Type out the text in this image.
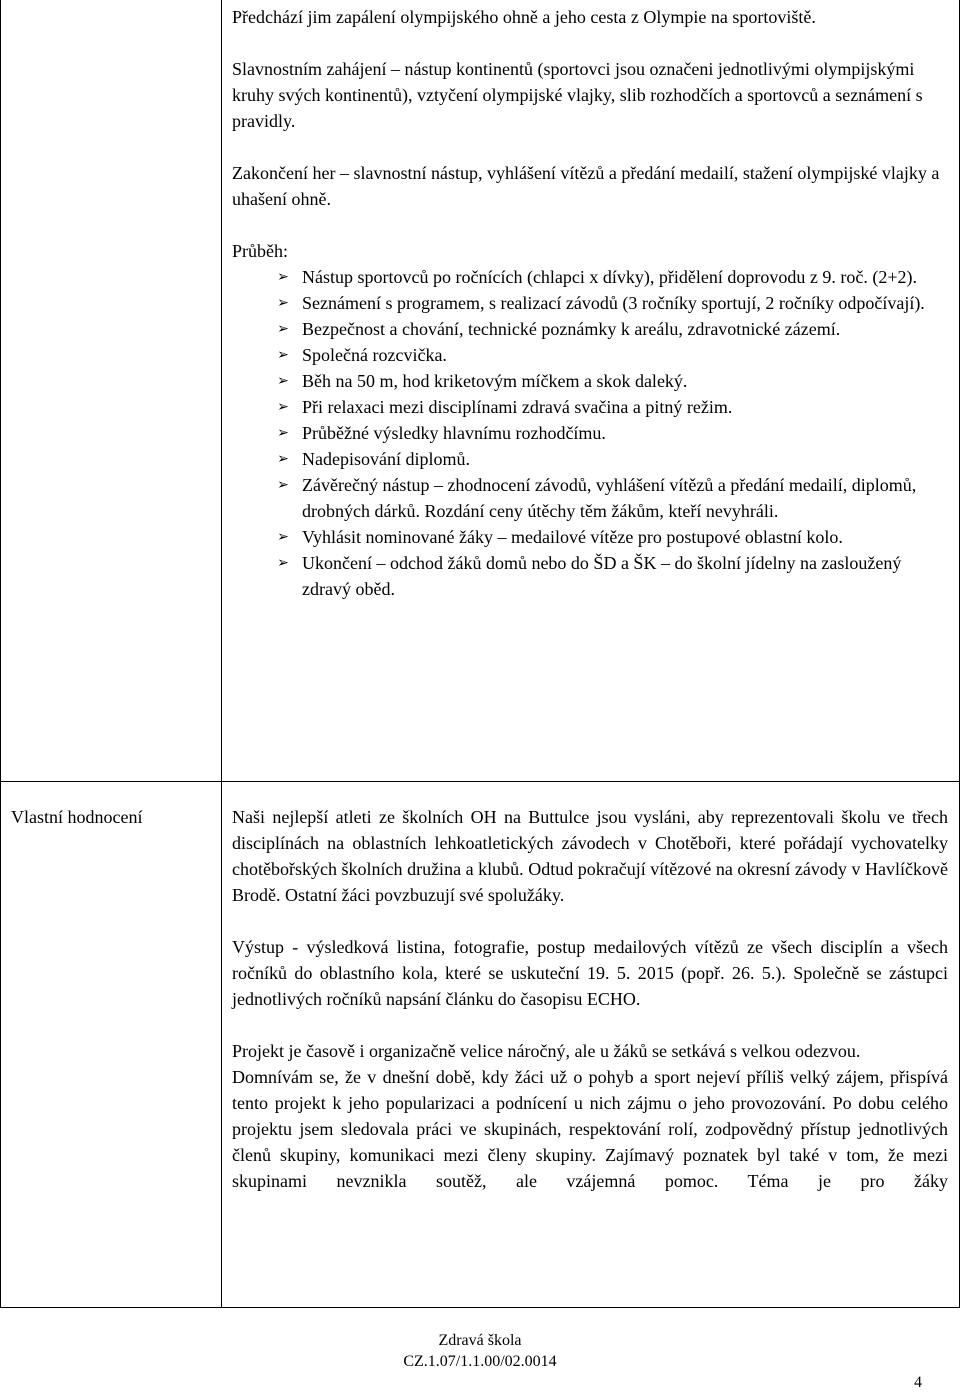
Předchází jim zapálení olympijského ohně a jeho cesta z Olympie na sportoviště.

Slavnostním zahájení – nástup kontinentů (sportovci jsou označeni jednotlivými olympijskými kruhy svých kontinentů), vztyčení olympijské vlajky, slib rozhodčích a sportovců a seznámení s pravidly.

Zakončení her – slavnostní nástup, vyhlášení vítězů a předání medailí, stažení olympijské vlajky a uhašení ohně.

Průběh:
➢ Nástup sportovců po ročnících (chlapci x dívky), přidělení doprovodu z 9. roč. (2+2).
➢ Seznámení s programem, s realizací závodů (3 ročníky sportují, 2 ročníky odpočívají).
➢ Bezpečnost a chování, technické poznámky k areálu, zdravotnické zázemí.
➢ Společná rozcvička.
➢ Běh na 50 m, hod kriketovým míčkem a skok daleký.
➢ Při relaxaci mezi disciplínami zdravá svačina a pitný režim.
➢ Průběžné výsledky hlavnímu rozhodčímu.
➢ Nadepisování diplomů.
➢ Závěrečný nástup – zhodnocení závodů, vyhlášení vítězů a předání medailí, diplomů, drobných dárků. Rozdání ceny útěchy těm žákům, kteří nevyhráli.
➢ Vyhlásit nominované žáky – medailové vítěze pro postupové oblastní kolo.
➢ Ukončení – odchod žáků domů nebo do ŠD a ŠK – do školní jídelny na zasloužený zdravý oběd.
Vlastní hodnocení	Naši nejlepší atleti ze školních OH na Buttulce jsou vysláni, aby reprezentovali školu ve třech disciplínách na oblastních lehkoatletických závodech v Chotěboři, které pořádají vychovatelky chotěbořských školních družina a klubů. Odtud pokračují vítězové na okresní závody v Havlíčkově Brodě. Ostatní žáci povzbuzují své spolužáky.

Výstup - výsledková listina, fotografie, postup medailových vítězů ze všech disciplín a všech ročníků do oblastního kola, které se uskuteční 19. 5. 2015 (popř. 26. 5.). Společně se zástupci jednotlivých ročníků napsání článku do časopisu ECHO.

Projekt je časově i organizačně velice náročný, ale u žáků se setkává s velkou odezvou.

Domnívám se, že v dnešní době, kdy žáci už o pohyb a sport nejeví příliš velký zájem, přispívá tento projekt k jeho popularizaci a podnícení u nich zájmu o jeho provozování. Po dobu celého projektu jsem sledovala práci ve skupinách, respektování rolí, zodpovědný přístup jednotlivých členů skupiny, komunikaci mezi členy skupiny. Zajímavý poznatek byl také v tom, že mezi skupinami nevznikla soutěž, ale vzájemná pomoc. Téma je pro žáky

Zdravá škola
CZ.1.07/1.1.00/02.0014
4
